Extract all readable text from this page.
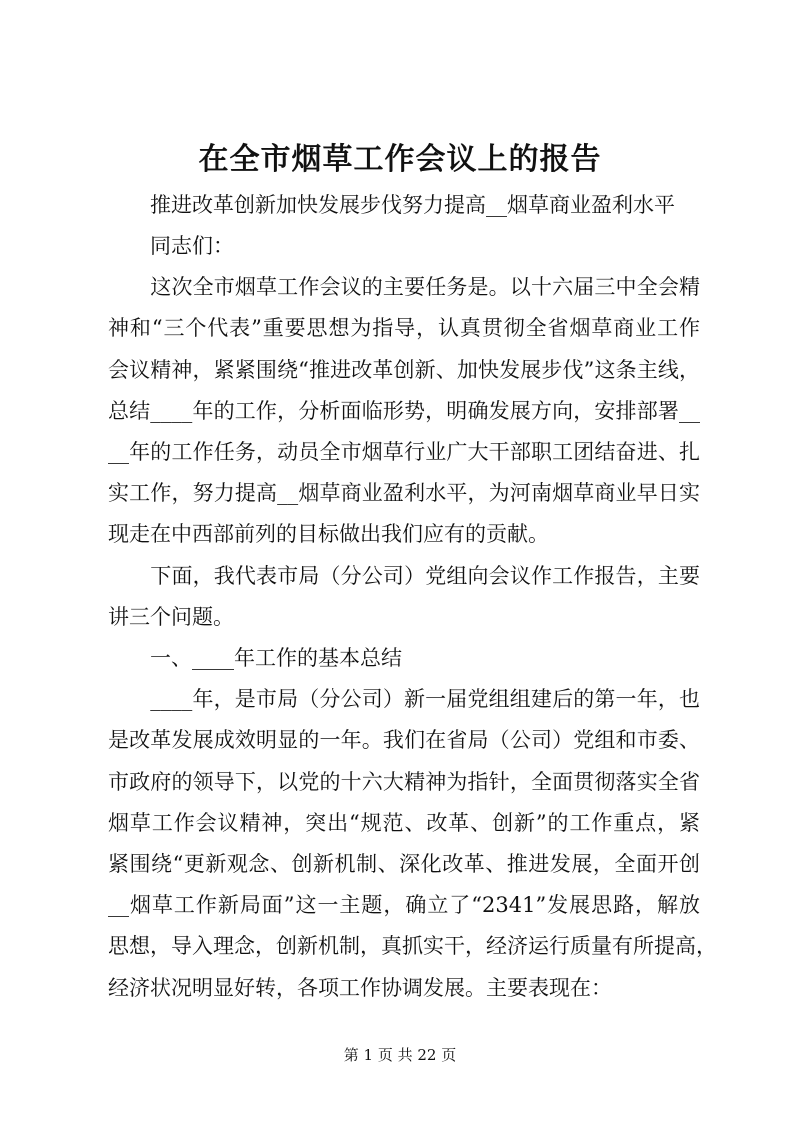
在全市烟草工作会议上的报告

　　推进改革创新加快发展步伐努力提高__烟草商业盈利水平

　　同志们：

　　这次全市烟草工作会议的主要任务是。以十六届三中全会精

神和“三个代表”重要思想为指导，认真贯彻全省烟草商业工作

会议精神，紧紧围绕“推进改革创新、加快发展步伐”这条主线，

总结____年的工作，分析面临形势，明确发展方向，安排部署__

__年的工作任务，动员全市烟草行业广大干部职工团结奋进、扎

实工作，努力提高__烟草商业盈利水平，为河南烟草商业早日实

现走在中西部前列的目标做出我们应有的贡献。

　　下面，我代表市局（分公司）党组向会议作工作报告，主要

讲三个问题。

　　一、____年工作的基本总结

　　____年，是市局（分公司）新一届党组组建后的第一年，也

是改革发展成效明显的一年。我们在省局（公司）党组和市委、

市政府的领导下，以党的十六大精神为指针，全面贯彻落实全省

烟草工作会议精神，突出“规范、改革、创新”的工作重点，紧

紧围绕“更新观念、创新机制、深化改革、推进发展，全面开创

__烟草工作新局面”这一主题，确立了“2341”发展思路，解放

思想，导入理念，创新机制，真抓实干，经济运行质量有所提高，

经济状况明显好转，各项工作协调发展。主要表现在：

第 1 页 共 22 页
